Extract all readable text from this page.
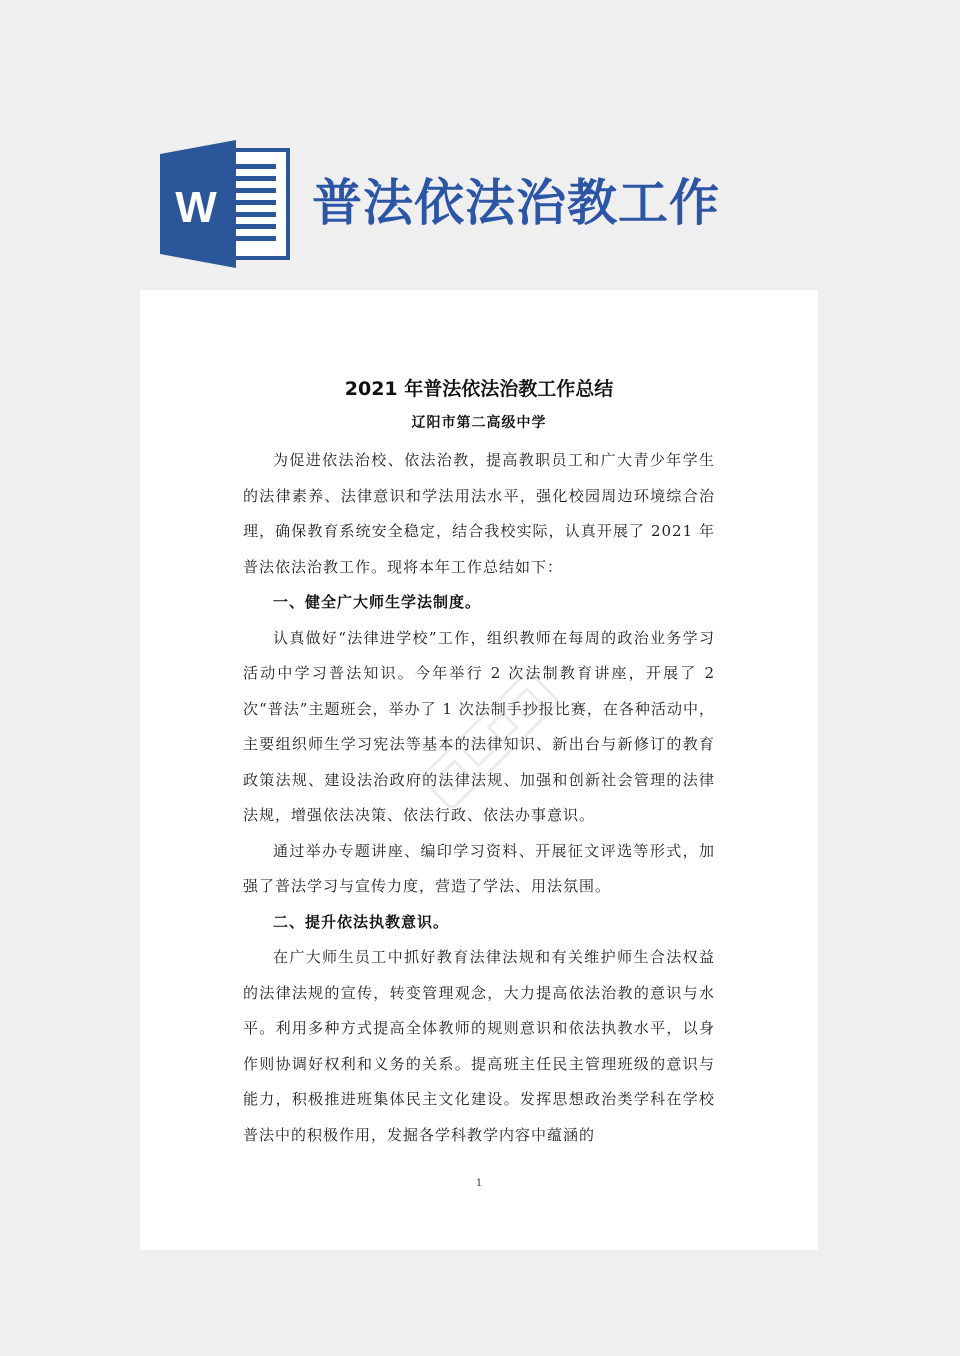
W 普法依法治教工作
2021 年普法依法治教工作总结
辽阳市第二高级中学

为促进依法治校、依法治教，提高教职员工和广大青少年学生的法律素养、法律意识和学法用法水平，强化校园周边环境综合治理，确保教育系统安全稳定，结合我校实际，认真开展了 2021 年普法依法治教工作。现将本年工作总结如下：

一、健全广大师生学法制度。

认真做好“法律进学校”工作，组织教师在每周的政治业务学习活动中学习普法知识。今年举行 2 次法制教育讲座，开展了 2 次“普法”主题班会，举办了 1 次法制手抄报比赛，在各种活动中，主要组织师生学习宪法等基本的法律知识、新出台与新修订的教育政策法规、建设法治政府的法律法规、加强和创新社会管理的法律法规，增强依法决策、依法行政、依法办事意识。

通过举办专题讲座、编印学习资料、开展征文评选等形式，加强了普法学习与宣传力度，营造了学法、用法氛围。

二、提升依法执教意识。

在广大师生员工中抓好教育法律法规和有关维护师生合法权益的法律法规的宣传，转变管理观念，大力提高依法治教的意识与水平。利用多种方式提高全体教师的规则意识和依法执教水平，以身作则协调好权利和义务的关系。提高班主任民主管理班级的意识与能力，积极推进班集体民主文化建设。发挥思想政治类学科在学校普法中的积极作用，发掘各学科教学内容中蕴涵的

1
